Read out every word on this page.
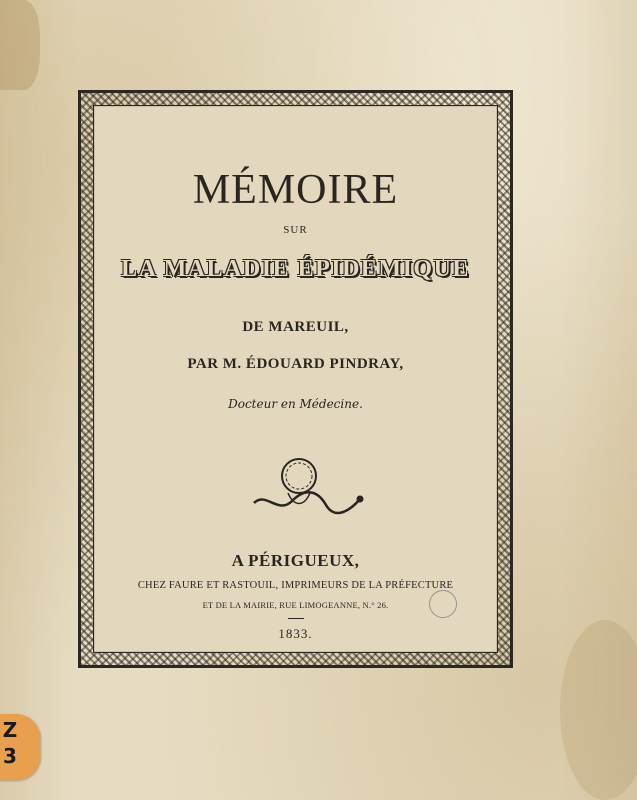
MÉMOIRE
SUR
LA MALADIE ÉPIDÉMIQUE
DE MAREUIL,
PAR M. ÉDOUARD PINDRAY,
Docteur en Médecine.
A PÉRIGUEUX,
CHEZ FAURE ET RASTOUIL, IMPRIMEURS DE LA PRÉFECTURE
ET DE LA MAIRIE, RUE LIMOGEANNE, N.° 26.
1833.
Z
3
